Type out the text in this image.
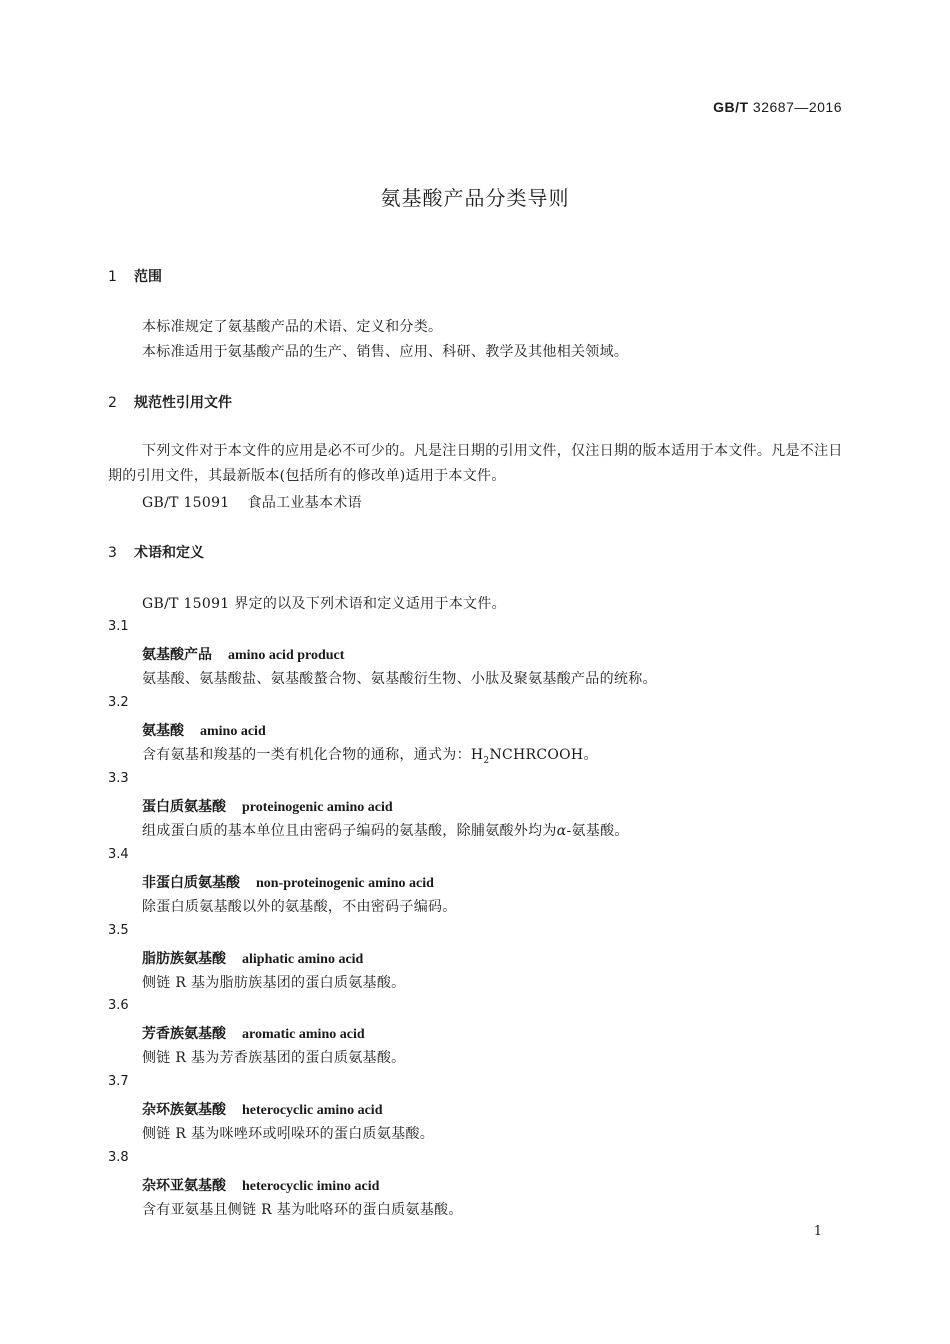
GB/T 32687—2016
氨基酸产品分类导则
1 范围
本标准规定了氨基酸产品的术语、定义和分类。
本标准适用于氨基酸产品的生产、销售、应用、科研、教学及其他相关领域。
2 规范性引用文件
下列文件对于本文件的应用是必不可少的。凡是注日期的引用文件，仅注日期的版本适用于本文件。凡是不注日期的引用文件，其最新版本(包括所有的修改单)适用于本文件。
GB/T 15091 食品工业基本术语
3 术语和定义
GB/T 15091 界定的以及下列术语和定义适用于本文件。
3.1
氨基酸产品 amino acid product
氨基酸、氨基酸盐、氨基酸螯合物、氨基酸衍生物、小肽及聚氨基酸产品的统称。
3.2
氨基酸 amino acid
含有氨基和羧基的一类有机化合物的通称，通式为：$H_2NCHRCOOH$。
3.3
蛋白质氨基酸 proteinogenic amino acid
组成蛋白质的基本单位且由密码子编码的氨基酸，除脯氨酸外均为α-氨基酸。
3.4
非蛋白质氨基酸 non-proteinogenic amino acid
除蛋白质氨基酸以外的氨基酸，不由密码子编码。
3.5
脂肪族氨基酸 aliphatic amino acid
侧链 R 基为脂肪族基团的蛋白质氨基酸。
3.6
芳香族氨基酸 aromatic amino acid
侧链 R 基为芳香族基团的蛋白质氨基酸。
3.7
杂环族氨基酸 heterocyclic amino acid
侧链 R 基为咪唑环或吲哚环的蛋白质氨基酸。
3.8
杂环亚氨基酸 heterocyclic imino acid
含有亚氨基且侧链 R 基为吡咯环的蛋白质氨基酸。
1
